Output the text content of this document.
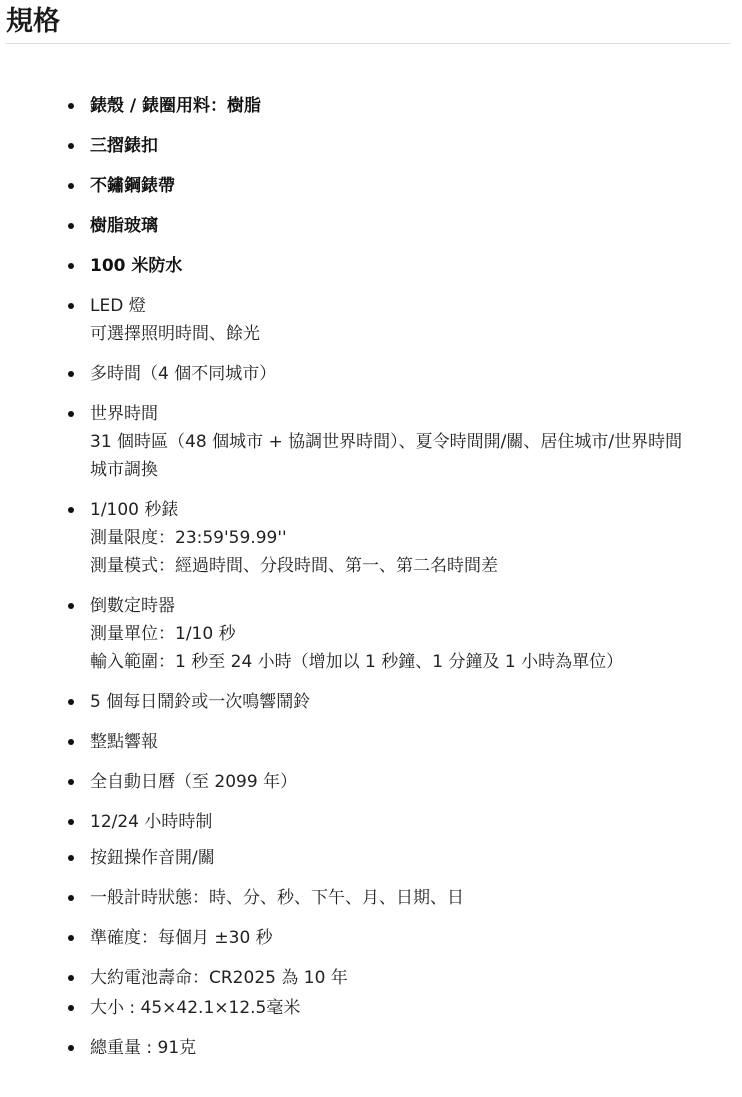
規格
錶殼 / 錶圈用料：樹脂
三摺錶扣
不鏽鋼錶帶
樹脂玻璃
100 米防水
LED 燈
可選擇照明時間、餘光
多時間（4 個不同城市）
世界時間
31 個時區（48 個城市 + 協調世界時間）、夏令時間開/關、居住城市/世界時間
城市調換
1/100 秒錶
測量限度：23:59'59.99''
測量模式：經過時間、分段時間、第一、第二名時間差
倒數定時器
測量單位：1/10 秒
輸入範圍：1 秒至 24 小時（增加以 1 秒鐘、1 分鐘及 1 小時為單位）
5 個每日鬧鈴或一次鳴響鬧鈴
整點響報
全自動日曆（至 2099 年）
12/24 小時時制
按鈕操作音開/關
一般計時狀態：時、分、秒、下午、月、日期、日
準確度：每個月 ±30 秒
大約電池壽命：CR2025 為 10 年
大小 : 45×42.1×12.5毫米
總重量 : 91克
